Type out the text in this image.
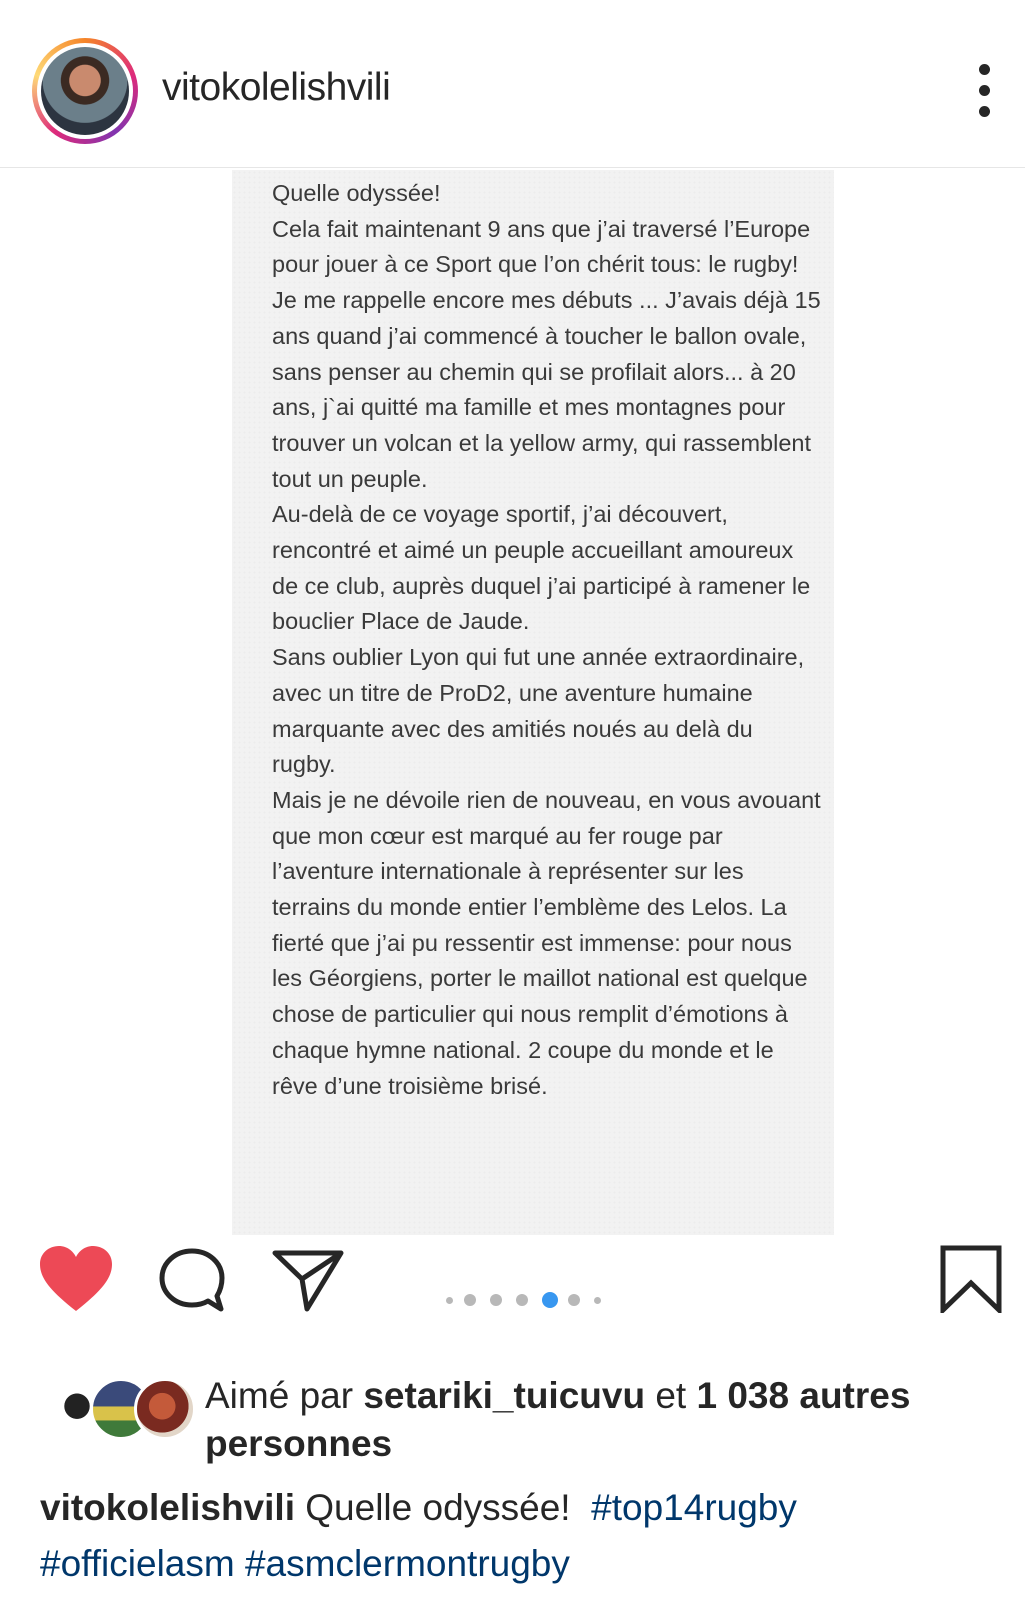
vitokolelishvili
Quelle odyssée!
Cela fait maintenant 9 ans que j’ai traversé l’Europe pour jouer à ce Sport que l’on chérit tous: le rugby!
Je me rappelle encore mes débuts ... J’avais déjà 15 ans quand j’ai commencé à toucher le ballon ovale, sans penser au chemin qui se profilait alors... à 20 ans, j`ai quitté ma famille et mes montagnes pour trouver un volcan et la yellow army, qui rassemblent tout un peuple.
Au-delà de ce voyage sportif, j’ai découvert, rencontré et aimé un peuple accueillant amoureux de ce club, auprès duquel j’ai participé à ramener le bouclier Place de Jaude.
Sans oublier Lyon qui fut une année extraordinaire, avec un titre de ProD2, une aventure humaine marquante avec des amitiés noués au delà du rugby.
Mais je ne dévoile rien de nouveau, en vous avouant que mon cœur est marqué au fer rouge par l’aventure internationale à représenter sur les terrains du monde entier l’emblème des Lelos. La fierté que j’ai pu ressentir est immense: pour nous les Géorgiens, porter le maillot national est quelque chose de particulier qui nous remplit d’émotions à chaque hymne national. 2 coupe du monde et le rêve d’une troisième brisé.
Aimé par setariki_tuicuvu et 1 038 autres personnes
vitokolelishvili Quelle odyssée!  #top14rugby
#officielasm #asmclermontrugby
